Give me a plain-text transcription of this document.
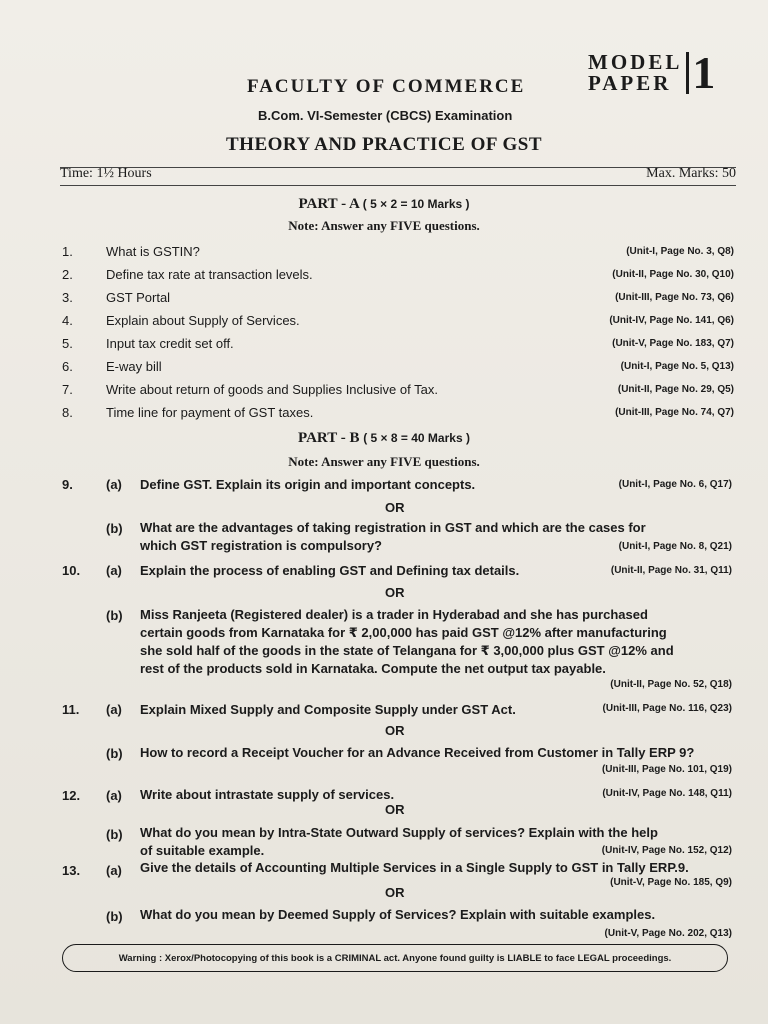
MODEL
PAPER 1
FACULTY OF COMMERCE
B.Com. VI-Semester (CBCS) Examination
THEORY AND PRACTICE OF GST
Time: 1½ Hours	Max. Marks: 50
PART - A ( 5 × 2 = 10 Marks )
Note: Answer any FIVE questions.
1.	What is GSTIN?	(Unit-I, Page No. 3, Q8)
2.	Define tax rate at transaction levels.	(Unit-II, Page No. 30, Q10)
3.	GST Portal	(Unit-III, Page No. 73, Q6)
4.	Explain about Supply of Services.	(Unit-IV, Page No. 141, Q6)
5.	Input tax credit set off.	(Unit-V, Page No. 183, Q7)
6.	E-way bill	(Unit-I, Page No. 5, Q13)
7.	Write about return of goods and Supplies Inclusive of Tax.	(Unit-II, Page No. 29, Q5)
8.	Time line for payment of GST taxes.	(Unit-III, Page No. 74, Q7)
PART - B ( 5 × 8 = 40 Marks )
Note: Answer any FIVE questions.
9.	(a) Define GST. Explain its origin and important concepts.	(Unit-I, Page No. 6, Q17)
OR
(b) What are the advantages of taking registration in GST and which are the cases for
which GST registration is compulsory?	(Unit-I, Page No. 8, Q21)
10. (a) Explain the process of enabling GST and Defining tax details.	(Unit-II, Page No. 31, Q11)
OR
(b) Miss Ranjeeta (Registered dealer) is a trader in Hyderabad and she has purchased
certain goods from Karnataka for ₹ 2,00,000 has paid GST @12% after manufacturing
she sold half of the goods in the state of Telangana for ₹ 3,00,000 plus GST @12% and
rest of the products sold in Karnataka. Compute the net output tax payable.
(Unit-II, Page No. 52, Q18)
11. (a) Explain Mixed Supply and Composite Supply under GST Act.	(Unit-III, Page No. 116, Q23)
OR
(b) How to record a Receipt Voucher for an Advance Received from Customer in Tally ERP 9?
(Unit-III, Page No. 101, Q19)
12. (a) Write about intrastate supply of services.	(Unit-IV, Page No. 148, Q11)
OR
(b) What do you mean by Intra-State Outward Supply of services? Explain with the help
of suitable example.	(Unit-IV, Page No. 152, Q12)
13. (a) Give the details of Accounting Multiple Services in a Single Supply to GST in Tally ERP.9.
(Unit-V, Page No. 185, Q9)
OR
(b) What do you mean by Deemed Supply of Services? Explain with suitable examples.
(Unit-V, Page No. 202, Q13)
Warning : Xerox/Photocopying of this book is a CRIMINAL act. Anyone found guilty is LIABLE to face LEGAL proceedings.
